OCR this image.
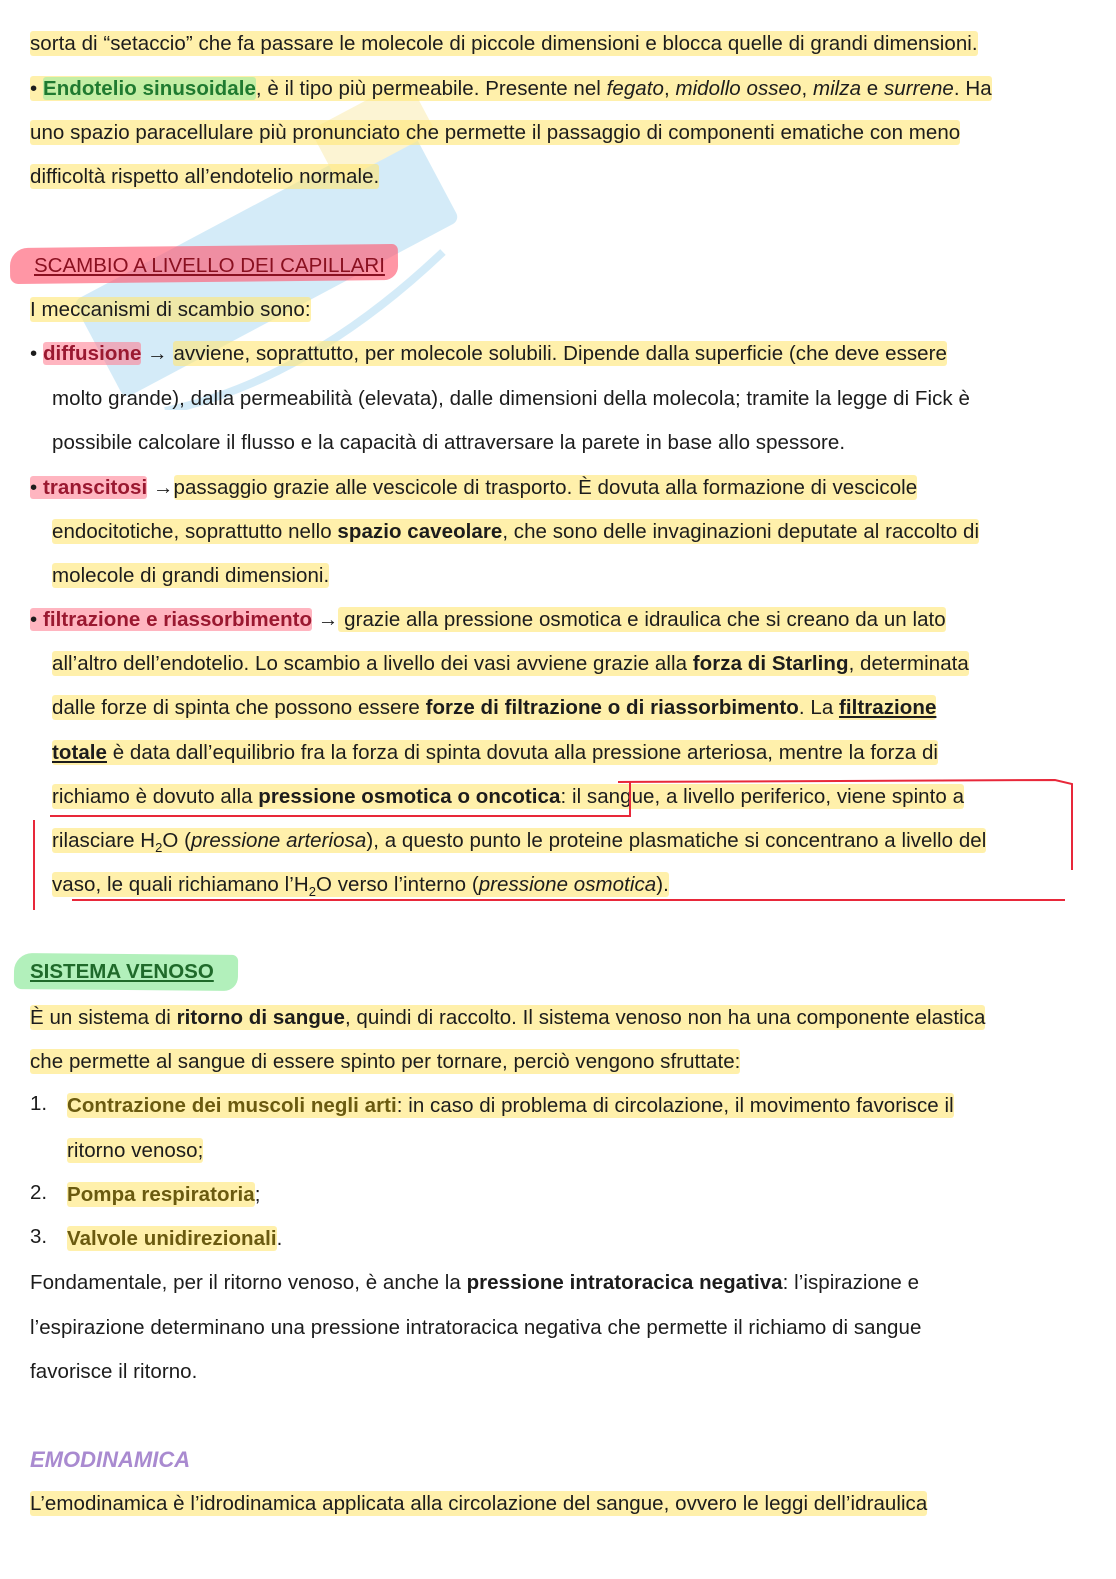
sorta di “setaccio” che fa passare le molecole di piccole dimensioni e blocca quelle di grandi dimensioni.
• Endotelio sinusoidale, è il tipo più permeabile. Presente nel fegato, midollo osseo, milza e surrene. Ha
uno spazio paracellulare più pronunciato che permette il passaggio di componenti ematiche con meno
difficoltà rispetto all’endotelio normale.
SCAMBIO A LIVELLO DEI CAPILLARI
I meccanismi di scambio sono:
• diffusione → avviene, soprattutto, per molecole solubili. Dipende dalla superficie (che deve essere
molto grande), dalla permeabilità (elevata), dalle dimensioni della molecola; tramite la legge di Fick è
possibile calcolare il flusso e la capacità di attraversare la parete in base allo spessore.
• transcitosi →passaggio grazie alle vescicole di trasporto. È dovuta alla formazione di vescicole
endocitotiche, soprattutto nello spazio caveolare, che sono delle invaginazioni deputate al raccolto di
molecole di grandi dimensioni.
• filtrazione e riassorbimento → grazie alla pressione osmotica e idraulica che si creano da un lato
all’altro dell’endotelio. Lo scambio a livello dei vasi avviene grazie alla forza di Starling, determinata
dalle forze di spinta che possono essere forze di filtrazione o di riassorbimento. La filtrazione
totale è data dall’equilibrio fra la forza di spinta dovuta alla pressione arteriosa, mentre la forza di
richiamo è dovuto alla pressione osmotica o oncotica: il sangue, a livello periferico, viene spinto a
rilasciare $H_2O$ (pressione arteriosa), a questo punto le proteine plasmatiche si concentrano a livello del
vaso, le quali richiamano $l’H_2O$ verso l’interno (pressione osmotica).
SISTEMA VENOSO
È un sistema di ritorno di sangue, quindi di raccolto. Il sistema venoso non ha una componente elastica
che permette al sangue di essere spinto per tornare, perciò vengono sfruttate:
1. Contrazione dei muscoli negli arti: in caso di problema di circolazione, il movimento favorisce il
ritorno venoso;
2. Pompa respiratoria;
3. Valvole unidirezionali.
Fondamentale, per il ritorno venoso, è anche la pressione intratoracica negativa: l’ispirazione e
l’espirazione determinano una pressione intratoracica negativa che permette il richiamo di sangue
favorisce il ritorno.
EMODINAMICA
L’emodinamica è l’idrodinamica applicata alla circolazione del sangue, ovvero le leggi dell’idraulica
